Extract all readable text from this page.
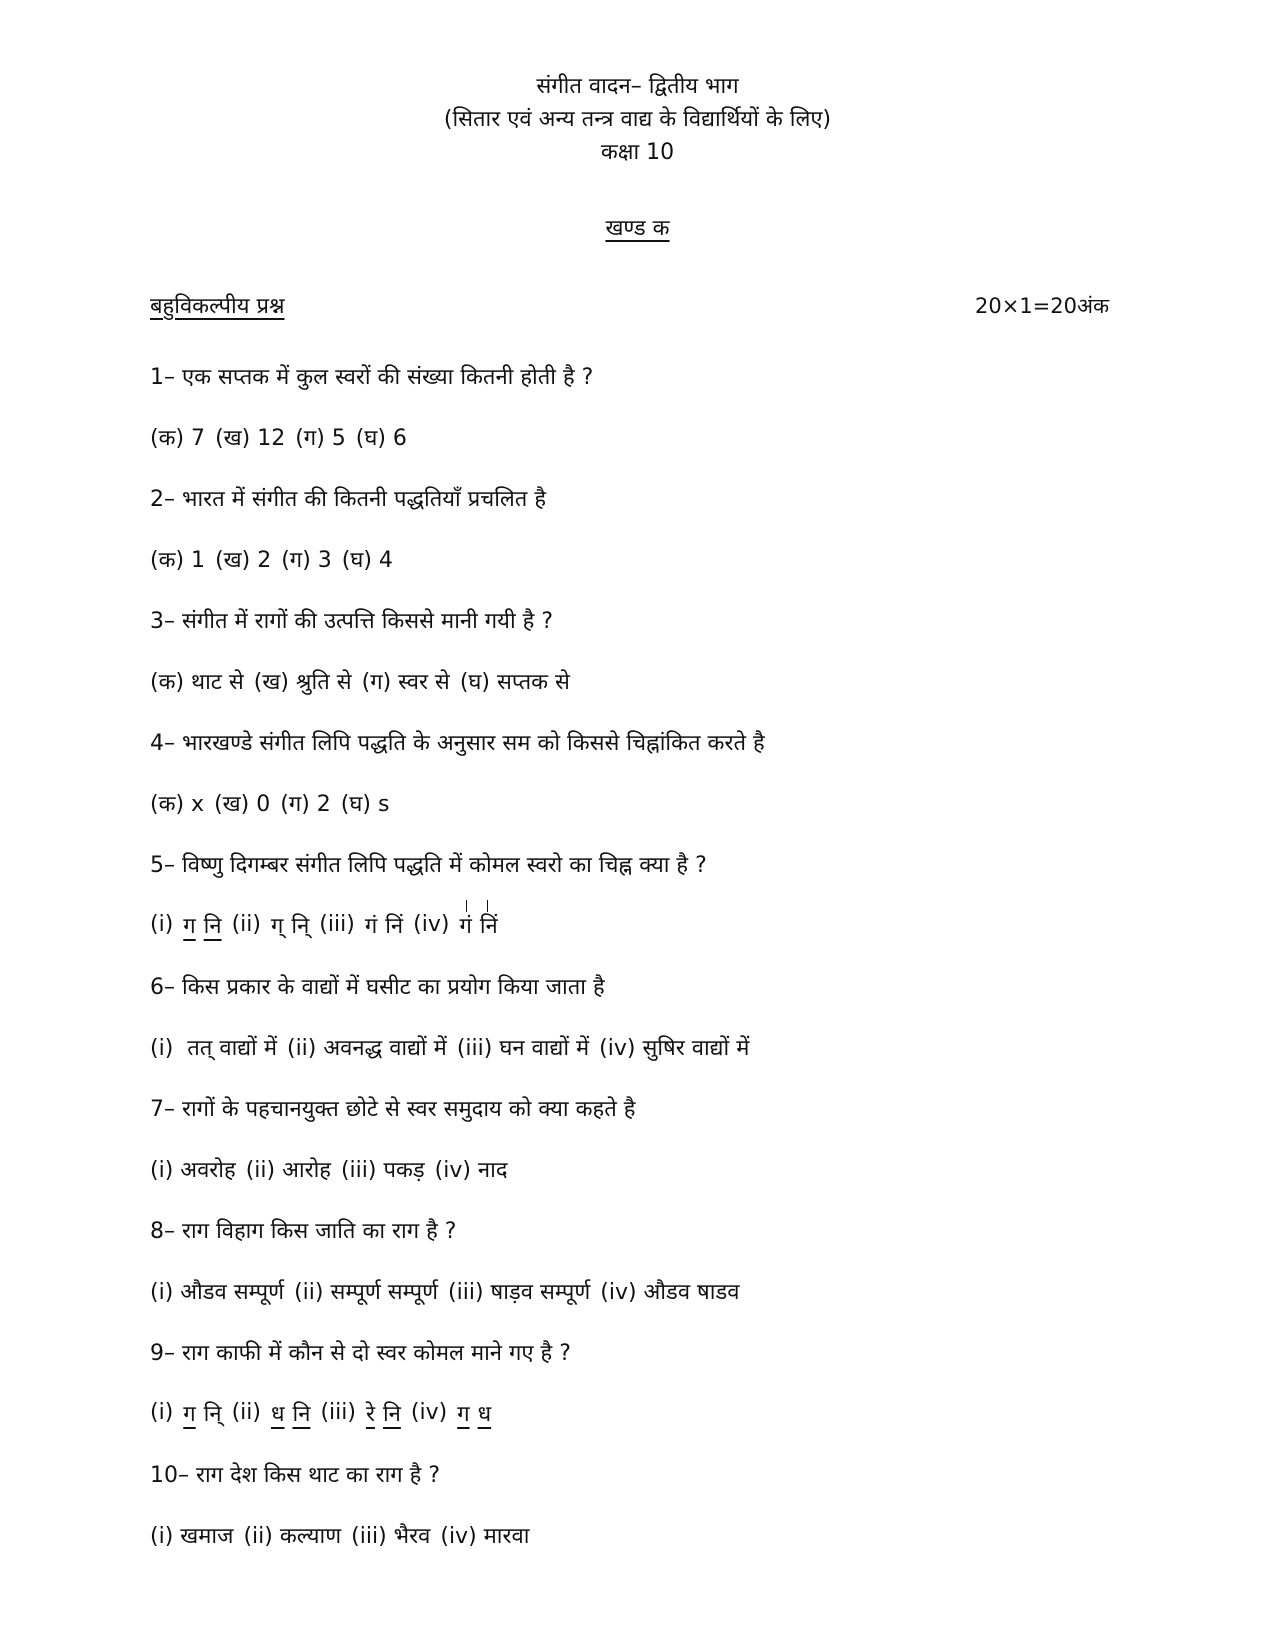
संगीत वादन– द्वितीय भाग
(सितार एवं अन्य तन्त्र वाद्य के विद्यार्थियों के लिए)
कक्षा 10
खण्ड क
बहुविकल्पीय प्रश्न	20×1=20अंक
1– एक सप्तक में कुल स्वरों की संख्या कितनी होती है ?
(क) 7 (ख) 12 (ग) 5 (घ) 6
2– भारत में संगीत की कितनी पद्धतियाँ प्रचलित है
(क) 1 (ख) 2 (ग) 3 (घ) 4
3– संगीत में रागों की उत्पत्ति किससे मानी गयी है ?
(क) थाट से (ख) श्रुति से (ग) स्वर से (घ) सप्तक से
4– भारखण्डे संगीत लिपि पद्धति के अनुसार सम को किससे चिह्नांकित करते है
(क) x (ख) 0 (ग) 2 (घ) s
5– विष्णु दिगम्बर संगीत लिपि पद्धति में कोमल स्वरो का चिह्न क्या है ?
(i) ग नि (ii) ग् नि् (iii) गं निं (iv) गं निं
6– किस प्रकार के वाद्यों में घसीट का प्रयोग किया जाता है
(i)  तत् वाद्यों में (ii) अवनद्ध वाद्यों में (iii) घन वाद्यों में (iv) सुषिर वाद्यों में
7– रागों के पहचानयुक्त छोटे से स्वर समुदाय को क्या कहते है
(i) अवरोह (ii) आरोह (iii) पकड़ (iv) नाद
8– राग विहाग किस जाति का राग है ?
(i) औडव सम्पूर्ण (ii) सम्पूर्ण सम्पूर्ण (iii) षाड़व सम्पूर्ण (iv) औडव षाडव
9– राग काफी में कौन से दो स्वर कोमल माने गए है ?
(i) ग नि् (ii) ध नि (iii) रे नि (iv) ग ध
10– राग देश किस थाट का राग है ?
(i) खमाज (ii) कल्याण (iii) भैरव (iv) मारवा
